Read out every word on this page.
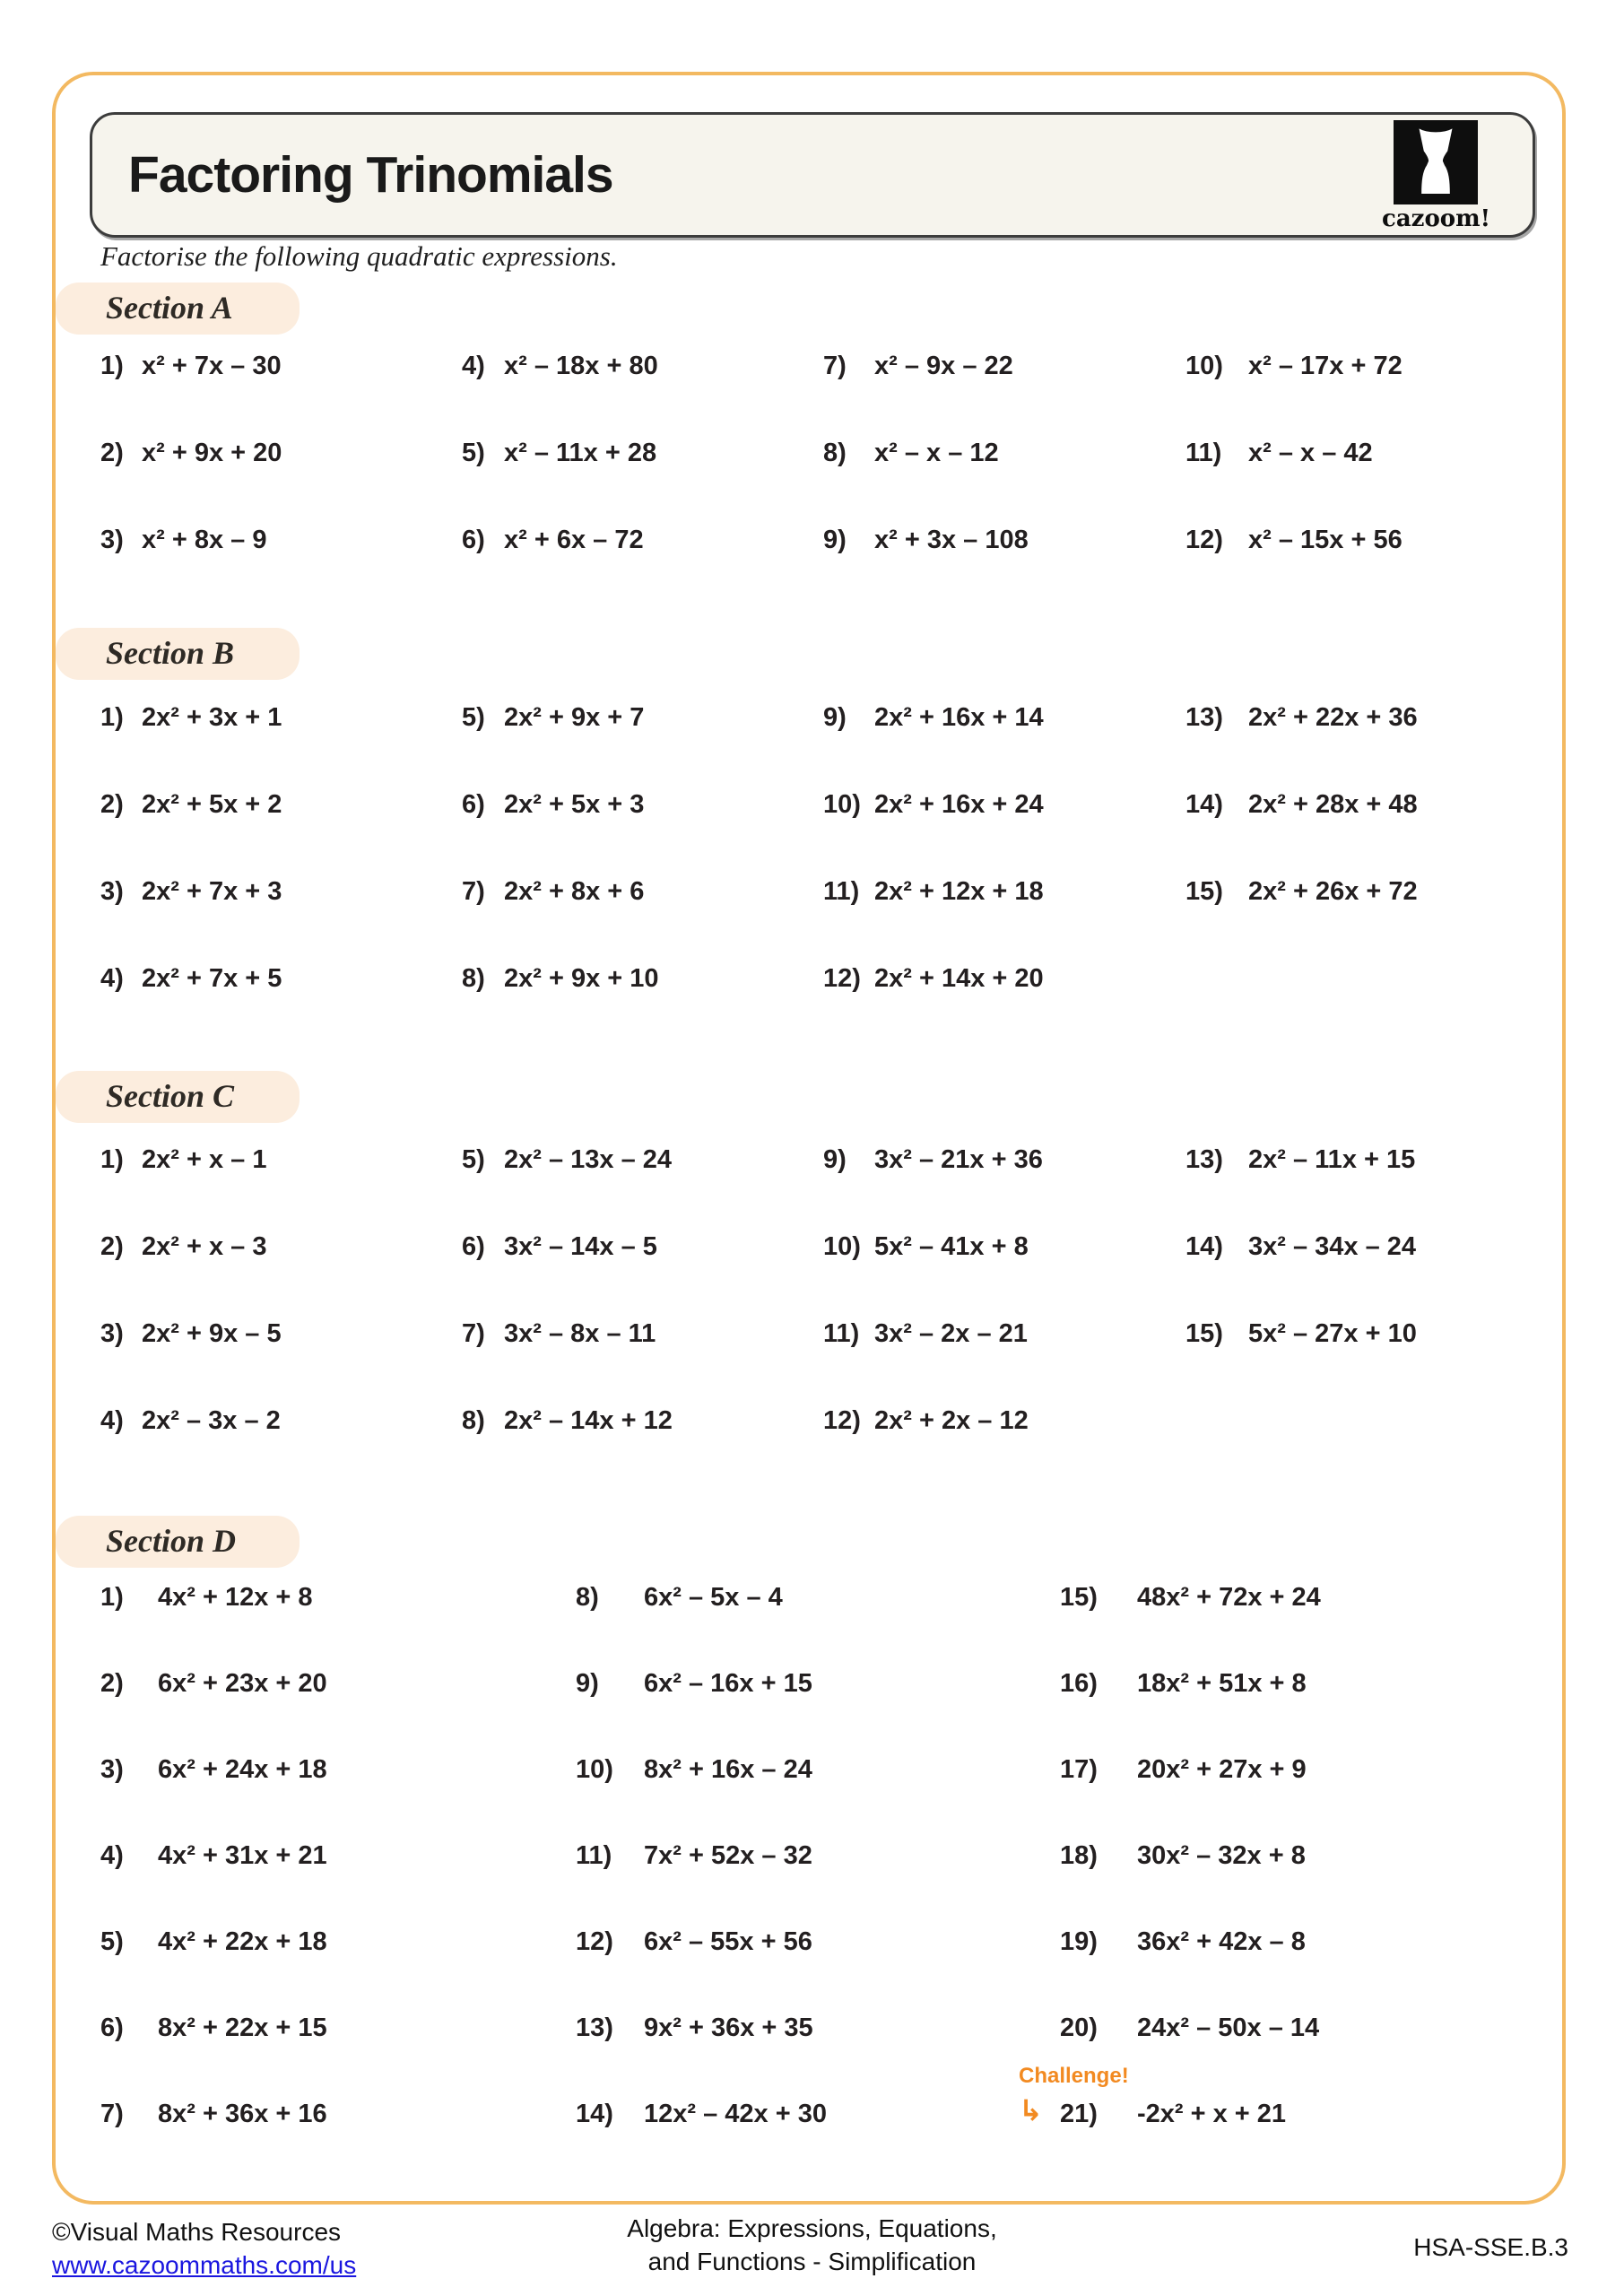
Factoring Trinomials
cazoom!

Factorise the following quadratic expressions.

Section A
1) x² + 7x – 30
2) x² + 9x + 20
3) x² + 8x – 9
4) x² – 18x + 80
5) x² – 11x + 28
6) x² + 6x – 72
7)	x² – 9x – 22
8)	x² – x – 12
9)	x² + 3x – 108
10) x² – 17x + 72
11)	x² – x – 42
12) x² – 15x + 56
Section B
1) 2x² + 3x + 1
2) 2x² + 5x + 2
3) 2x² + 7x + 3
4) 2x² + 7x + 5
5) 2x² + 9x + 7
6) 2x² + 5x + 3
7) 2x² + 8x + 6
8) 2x² + 9x + 10
9)	2x² + 16x + 14
10) 2x² + 16x + 24
11) 2x² + 12x + 18
12) 2x² + 14x + 20
13) 2x² + 22x + 36
14) 2x² + 28x + 48
15) 2x² + 26x + 72
Section C
1) 2x² + x – 1
2) 2x² + x – 3
3) 2x² + 9x – 5
4) 2x² – 3x – 2
5) 2x² – 13x – 24
6) 3x² – 14x – 5
7) 3x² – 8x – 11
8) 2x² – 14x + 12
9)	3x² – 21x + 36
10) 5x² – 41x + 8
11) 3x² – 2x – 21
12) 2x² + 2x – 12
13) 2x² – 11x + 15
14) 3x² – 34x – 24
15) 5x² – 27x + 10
Section D
1)	4x² + 12x + 8
2)	6x² + 23x + 20
3)	6x² + 24x + 18
4)	4x² + 31x + 21
5)	4x² + 22x + 18
6)	8x² + 22x + 15
7)	8x² + 36x + 16
8)	6x² – 5x – 4
9)	6x² – 16x + 15
10)	8x² + 16x – 24
11)	7x² + 52x – 32
12)	6x² – 55x + 56
13)	9x² + 36x + 35
14)	12x² – 42x + 30
15)	48x² + 72x + 24
16)	18x² + 51x + 8
17)	20x² + 27x + 9
18)	30x² – 32x + 8
19)	36x² + 42x – 8
20)	24x² – 50x – 14
Challenge!
↳ 21)	-2x² + x + 21
©Visual Maths Resources
www.cazoommaths.com/us
Algebra: Expressions, Equations,
and Functions - Simplification
HSA-SSE.B.3
